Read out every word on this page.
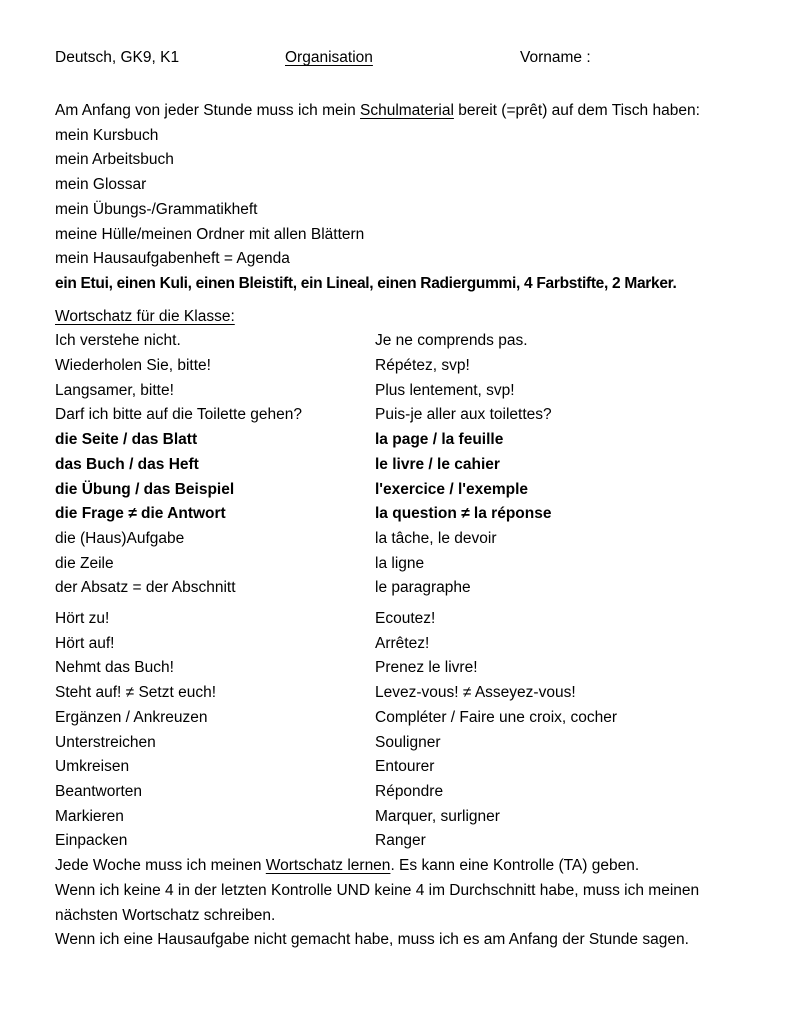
Deutsch, GK9, K1	Organisation	Vorname :
Am Anfang von jeder Stunde muss ich mein Schulmaterial bereit (=prêt) auf dem Tisch haben:
mein Kursbuch
mein Arbeitsbuch
mein Glossar
mein Übungs-/Grammatikheft
meine Hülle/meinen Ordner mit allen Blättern
mein Hausaufgabenheft = Agenda
ein Etui, einen Kuli, einen Bleistift, ein Lineal, einen Radiergummi, 4 Farbstifte, 2 Marker.
Wortschatz für die Klasse:
Ich verstehe nicht.	Je ne comprends pas.
Wiederholen Sie, bitte!	Répétez, svp!
Langsamer, bitte!	Plus lentement, svp!
Darf ich bitte auf die Toilette gehen?	Puis-je aller aux toilettes?
die Seite / das Blatt	la page / la feuille
das Buch / das Heft	le livre / le cahier
die Übung / das Beispiel	l'exercice / l'exemple
die Frage ≠ die Antwort	la question ≠ la réponse
die (Haus)Aufgabe	la tâche, le devoir
die Zeile	la ligne
der Absatz = der Abschnitt	le paragraphe
Hört zu!	Ecoutez!
Hört auf!	Arrêtez!
Nehmt das Buch!	Prenez le livre!
Steht auf! ≠ Setzt euch!	Levez-vous! ≠ Asseyez-vous!
Ergänzen / Ankreuzen	Compléter / Faire une croix, cocher
Unterstreichen	Souligner
Umkreisen	Entourer
Beantworten	Répondre
Markieren	Marquer, surligner
Einpacken	Ranger
Jede Woche muss ich meinen Wortschatz lernen. Es kann eine Kontrolle (TA) geben.
Wenn ich keine 4 in der letzten Kontrolle UND keine 4 im Durchschnitt habe, muss ich meinen
nächsten Wortschatz schreiben.
Wenn ich eine Hausaufgabe nicht gemacht habe, muss ich es am Anfang der Stunde sagen.
